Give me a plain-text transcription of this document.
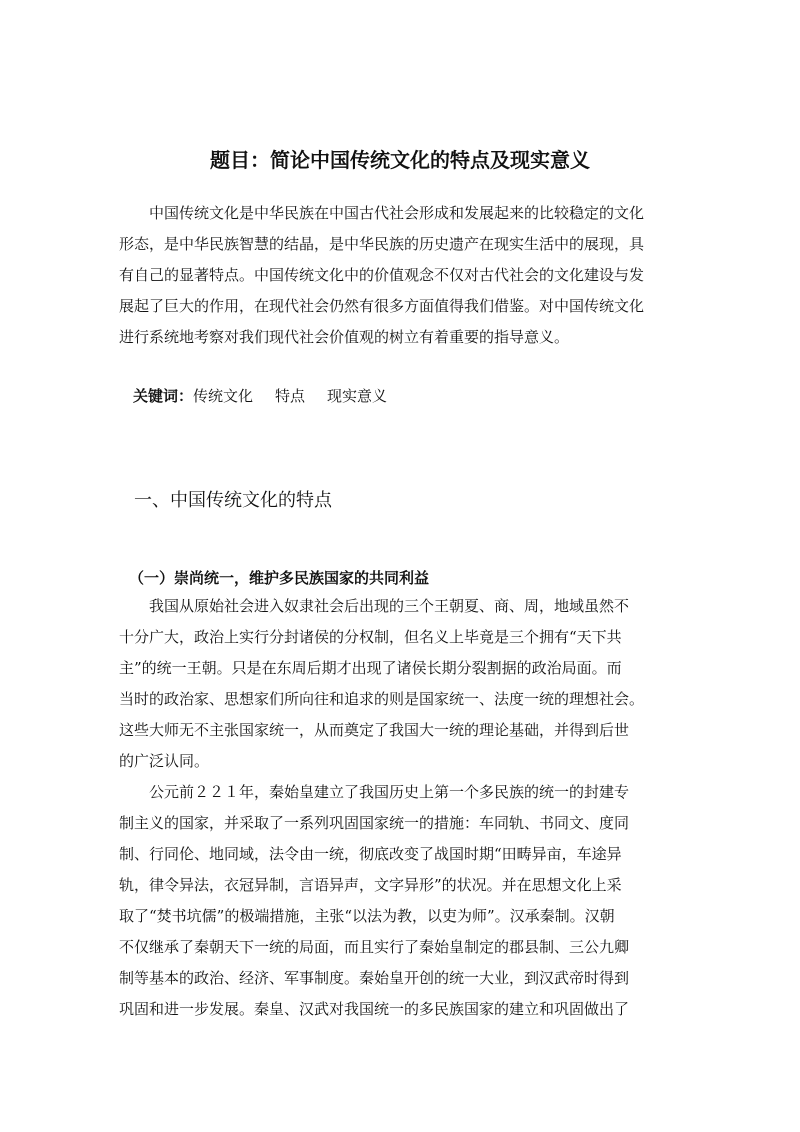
题目：简论中国传统文化的特点及现实意义
中国传统文化是中华民族在中国古代社会形成和发展起来的比较稳定的文化
形态，是中华民族智慧的结晶，是中华民族的历史遗产在现实生活中的展现，具
有自己的显著特点。中国传统文化中的价值观念不仅对古代社会的文化建设与发
展起了巨大的作用，在现代社会仍然有很多方面值得我们借鉴。对中国传统文化
进行系统地考察对我们现代社会价值观的树立有着重要的指导意义。
关键词：传统文化 特点 现实意义
一、中国传统文化的特点
（一）崇尚统一，维护多民族国家的共同利益
我国从原始社会进入奴隶社会后出现的三个王朝夏、商、周，地域虽然不
十分广大，政治上实行分封诸侯的分权制，但名义上毕竟是三个拥有“天下共
主”的统一王朝。只是在东周后期才出现了诸侯长期分裂割据的政治局面。而
当时的政治家、思想家们所向往和追求的则是国家统一、法度一统的理想社会。
这些大师无不主张国家统一，从而奠定了我国大一统的理论基础，并得到后世
的广泛认同。
公元前２２１年，秦始皇建立了我国历史上第一个多民族的统一的封建专
制主义的国家，并采取了一系列巩固国家统一的措施：车同轨、书同文、度同
制、行同伦、地同域，法令由一统，彻底改变了战国时期“田畴异亩，车途异
轨，律令异法，衣冠异制，言语异声，文字异形”的状况。并在思想文化上采
取了“焚书坑儒”的极端措施，主张“以法为教，以吏为师”。汉承秦制。汉朝
不仅继承了秦朝天下一统的局面，而且实行了秦始皇制定的郡县制、三公九卿
制等基本的政治、经济、军事制度。秦始皇开创的统一大业，到汉武帝时得到
巩固和进一步发展。秦皇、汉武对我国统一的多民族国家的建立和巩固做出了
